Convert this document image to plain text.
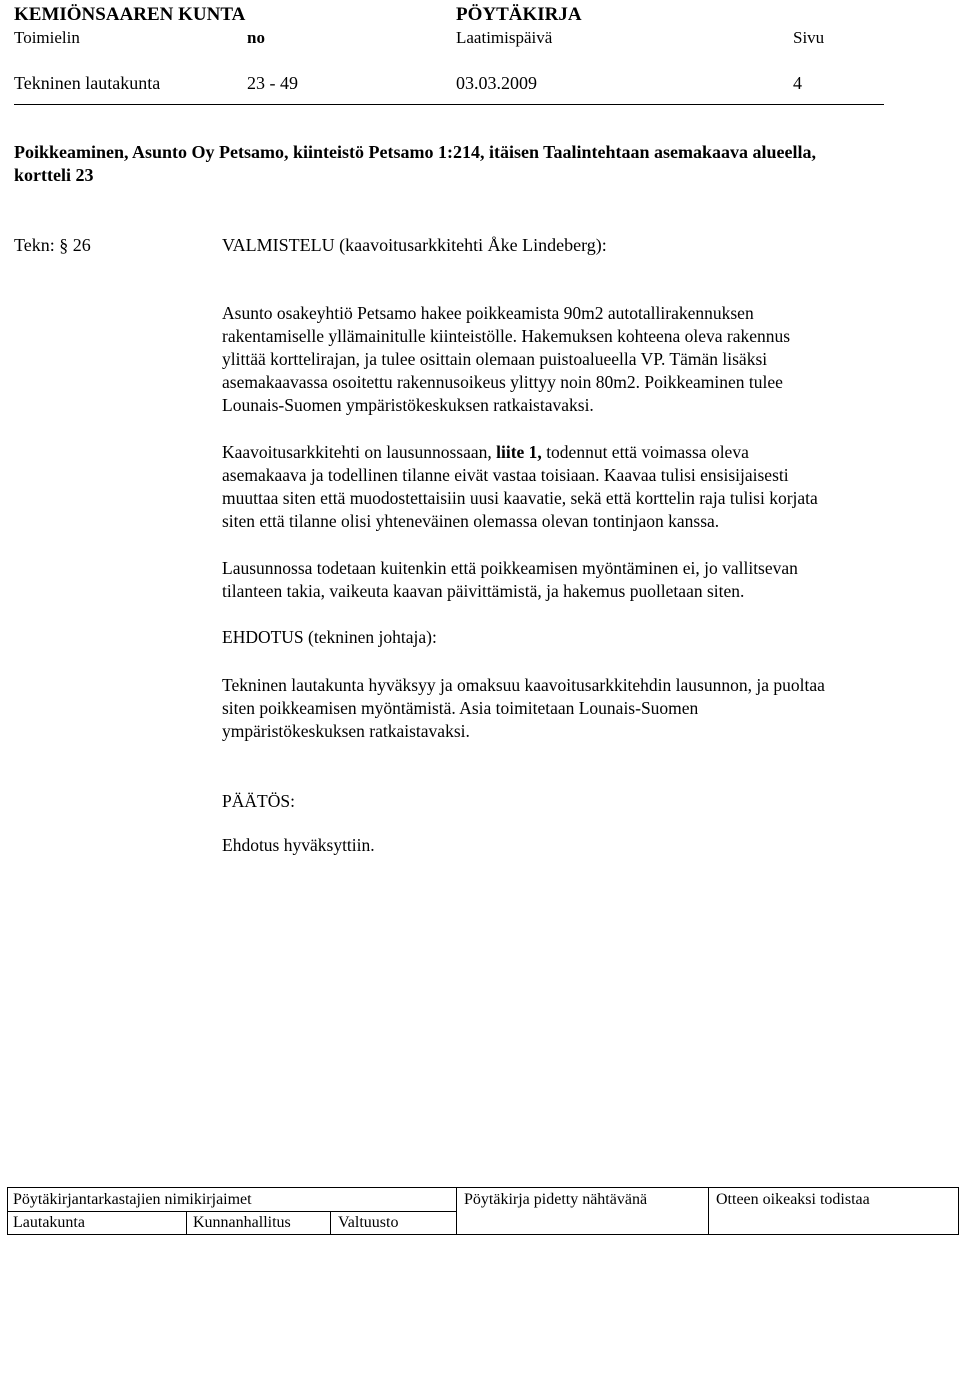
KEMIÖNSAAREN KUNTA	PÖYTÄKIRJA
Toimielin	no	Laatimispäivä	Sivu
Tekninen lautakunta	23 - 49	03.03.2009	4
Poikkeaminen, Asunto Oy Petsamo, kiinteistö Petsamo 1:214, itäisen Taalintehtaan asemakaava alueella,
kortteli 23
Tekn: § 26	VALMISTELU (kaavoitusarkkitehti Åke Lindeberg):

Asunto osakeyhtiö Petsamo hakee poikkeamista 90m2 autotallirakennuksen

rakentamiselle yllämainitulle kiinteistölle. Hakemuksen kohteena oleva rakennus

ylittää korttelirajan, ja tulee osittain olemaan puistoalueella VP. Tämän lisäksi

asemakaavassa osoitettu rakennusoikeus ylittyy noin 80m2. Poikkeaminen tulee

Lounais-Suomen ympäristökeskuksen ratkaistavaksi.

Kaavoitusarkkitehti on lausunnossaan, liite 1, todennut että voimassa oleva

asemakaava ja todellinen tilanne eivät vastaa toisiaan. Kaavaa tulisi ensisijaisesti

muuttaa siten että muodostettaisiin uusi kaavatie, sekä että korttelin raja tulisi korjata

siten että tilanne olisi yhteneväinen olemassa olevan tontinjaon kanssa.

Lausunnossa todetaan kuitenkin että poikkeamisen myöntäminen ei, jo vallitsevan

tilanteen takia, vaikeuta kaavan päivittämistä, ja hakemus puolletaan siten.

EHDOTUS (tekninen johtaja):

Tekninen lautakunta hyväksyy ja omaksuu kaavoitusarkkitehdin lausunnon, ja puoltaa

siten poikkeamisen myöntämistä. Asia toimitetaan Lounais-Suomen

ympäristökeskuksen ratkaistavaksi.

PÄÄTÖS:
Ehdotus hyväksyttiin.
Pöytäkirjantarkastajien nimikirjaimet	Pöytäkirja pidetty nähtävänä	Otteen oikeaksi todistaa
Lautakunta	Kunnanhallitus	Valtuusto
